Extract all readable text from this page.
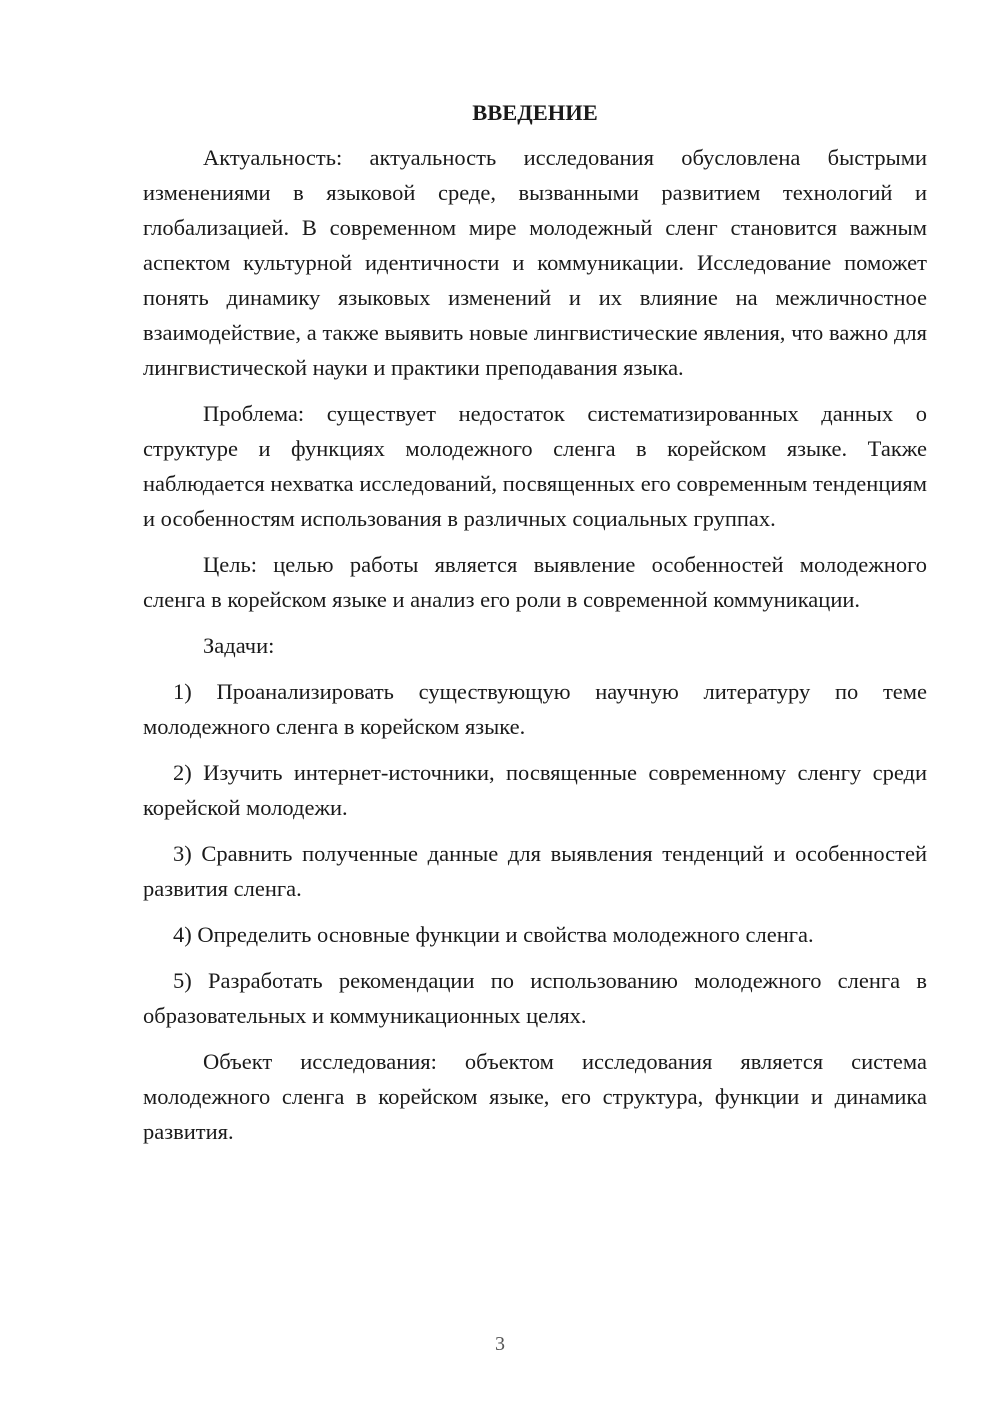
ВВЕДЕНИЕ

Актуальность: актуальность исследования обусловлена быстрыми изменениями в языковой среде, вызванными развитием технологий и глобализацией. В современном мире молодежный сленг становится важным аспектом культурной идентичности и коммуникации. Исследование поможет понять динамику языковых изменений и их влияние на межличностное взаимодействие, а также выявить новые лингвистические явления, что важно для лингвистической науки и практики преподавания языка.

Проблема: существует недостаток систематизированных данных о структуре и функциях молодежного сленга в корейском языке. Также наблюдается нехватка исследований, посвященных его современным тенденциям и особенностям использования в различных социальных группах.

Цель: целью работы является выявление особенностей молодежного сленга в корейском языке и анализ его роли в современной коммуникации.

Задачи:

1) Проанализировать существующую научную литературу по теме молодежного сленга в корейском языке.

2) Изучить интернет-источники, посвященные современному сленгу среди корейской молодежи.

3) Сравнить полученные данные для выявления тенденций и особенностей развития сленга.

4) Определить основные функции и свойства молодежного сленга.

5) Разработать рекомендации по использованию молодежного сленга в образовательных и коммуникационных целях.

Объект исследования: объектом исследования является система молодежного сленга в корейском языке, его структура, функции и динамика развития.

3
